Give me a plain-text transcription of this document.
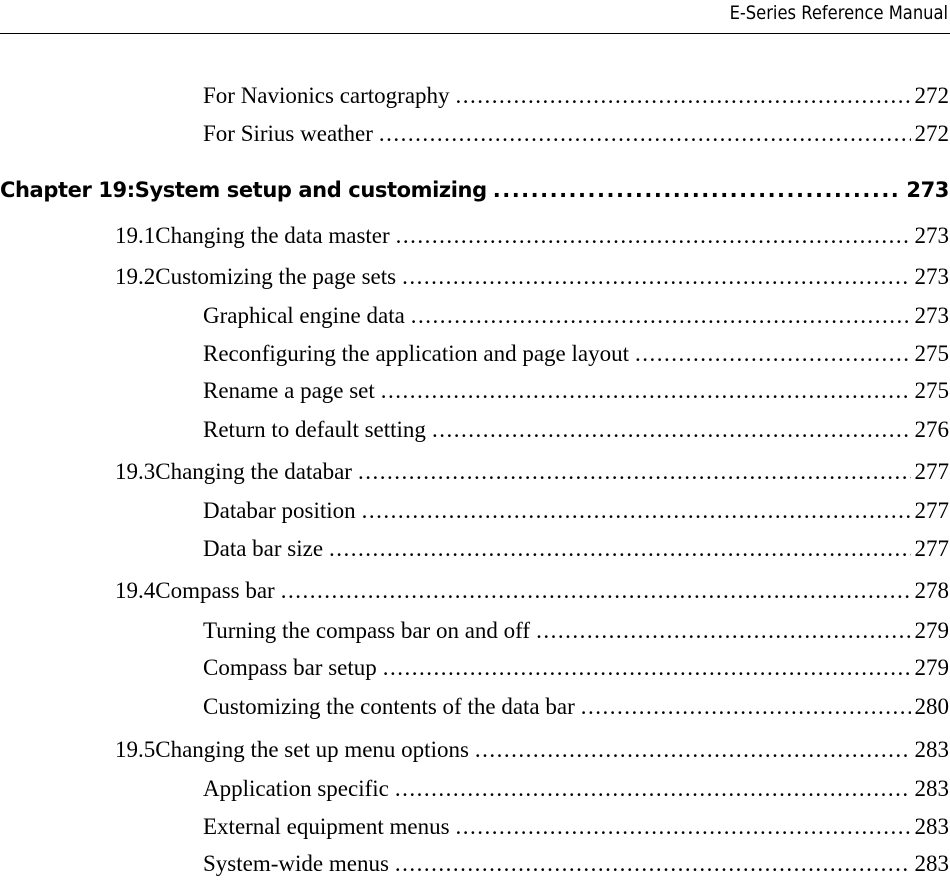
E-Series Reference Manual
For Navionics cartography .....	272
For Sirius weather .....	272
Chapter 19: System setup and customizing .....	273
19.1 Changing the data master .....	273
19.2 Customizing the page sets .....	273
Graphical engine data .....	273
Reconfiguring the application and page layout .....	275
Rename a page set .....	275
Return to default setting .....	276
19.3 Changing the databar .....	277
Databar position .....	277
Data bar size .....	277
19.4 Compass bar .....	278
Turning the compass bar on and off .....	279
Compass bar setup .....	279
Customizing the contents of the data bar .....	280
19.5 Changing the set up menu options .....	283
Application specific .....	283
External equipment menus .....	283
System-wide menus .....	283
